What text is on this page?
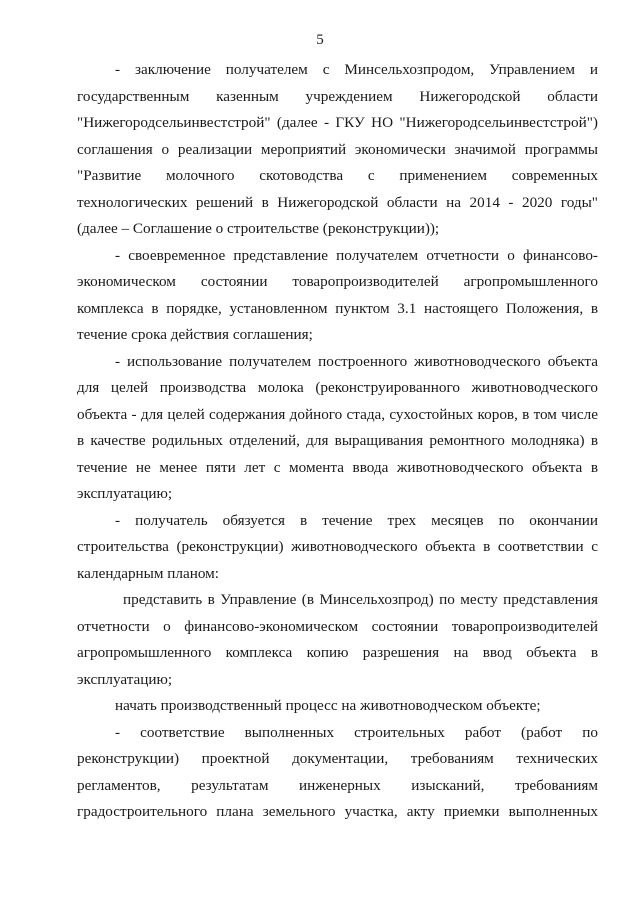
5
- заключение получателем с Минсельхозпродом, Управлением и
государственным казенным учреждением Нижегородской области
"Нижегородсельинвестстрой" (далее - ГКУ НО "Нижегородсельинвестстрой")
соглашения о реализации мероприятий экономически значимой программы
"Развитие молочного скотоводства с применением современных
технологических решений в Нижегородской области на 2014 - 2020 годы"
(далее – Соглашение о строительстве (реконструкции));
- своевременное представление получателем отчетности о финансово-
экономическом состоянии товаропроизводителей агропромышленного
комплекса в порядке, установленном пунктом 3.1 настоящего Положения, в
течение срока действия соглашения;
- использование получателем построенного животноводческого объекта
для целей производства молока (реконструированного животноводческого
объекта - для целей содержания дойного стада, сухостойных коров, в том числе
в качестве родильных отделений, для выращивания ремонтного молодняка) в
течение не менее пяти лет с момента ввода животноводческого объекта в
эксплуатацию;
- получатель обязуется в течение трех месяцев по окончании
строительства (реконструкции) животноводческого объекта в соответствии с
календарным планом:
представить в Управление (в Минсельхозпрод) по месту представления
отчетности о финансово-экономическом состоянии товаропроизводителей
агропромышленного комплекса копию разрешения на ввод объекта в
эксплуатацию;
начать производственный процесс на животноводческом объекте;
- соответствие выполненных строительных работ (работ по
реконструкции) проектной документации, требованиям технических
регламентов, результатам инженерных изысканий, требованиям
градостроительного плана земельного участка, акту приемки выполненных
